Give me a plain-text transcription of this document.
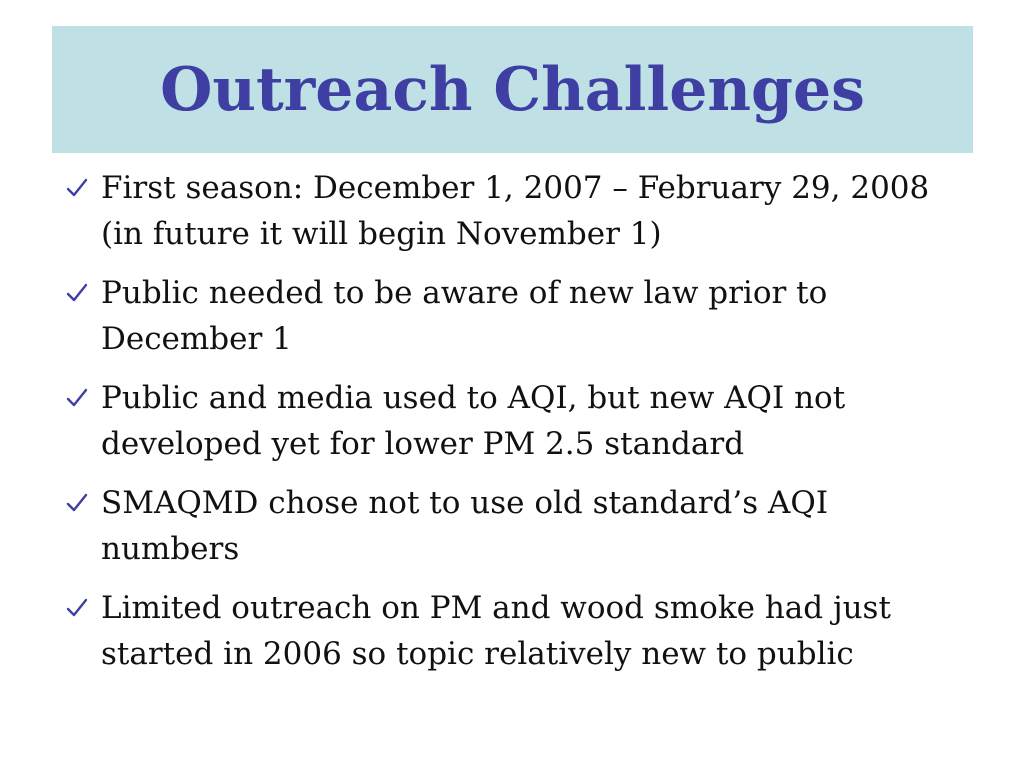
Outreach Challenges
First season: December 1, 2007 – February 29, 2008 (in future it will begin November 1)
Public needed to be aware of new law prior to December 1
Public and media used to AQI, but new AQI not developed yet for lower PM 2.5 standard
SMAQMD chose not to use old standard’s AQI numbers
Limited outreach on PM and wood smoke had just started in 2006 so topic relatively new to public
